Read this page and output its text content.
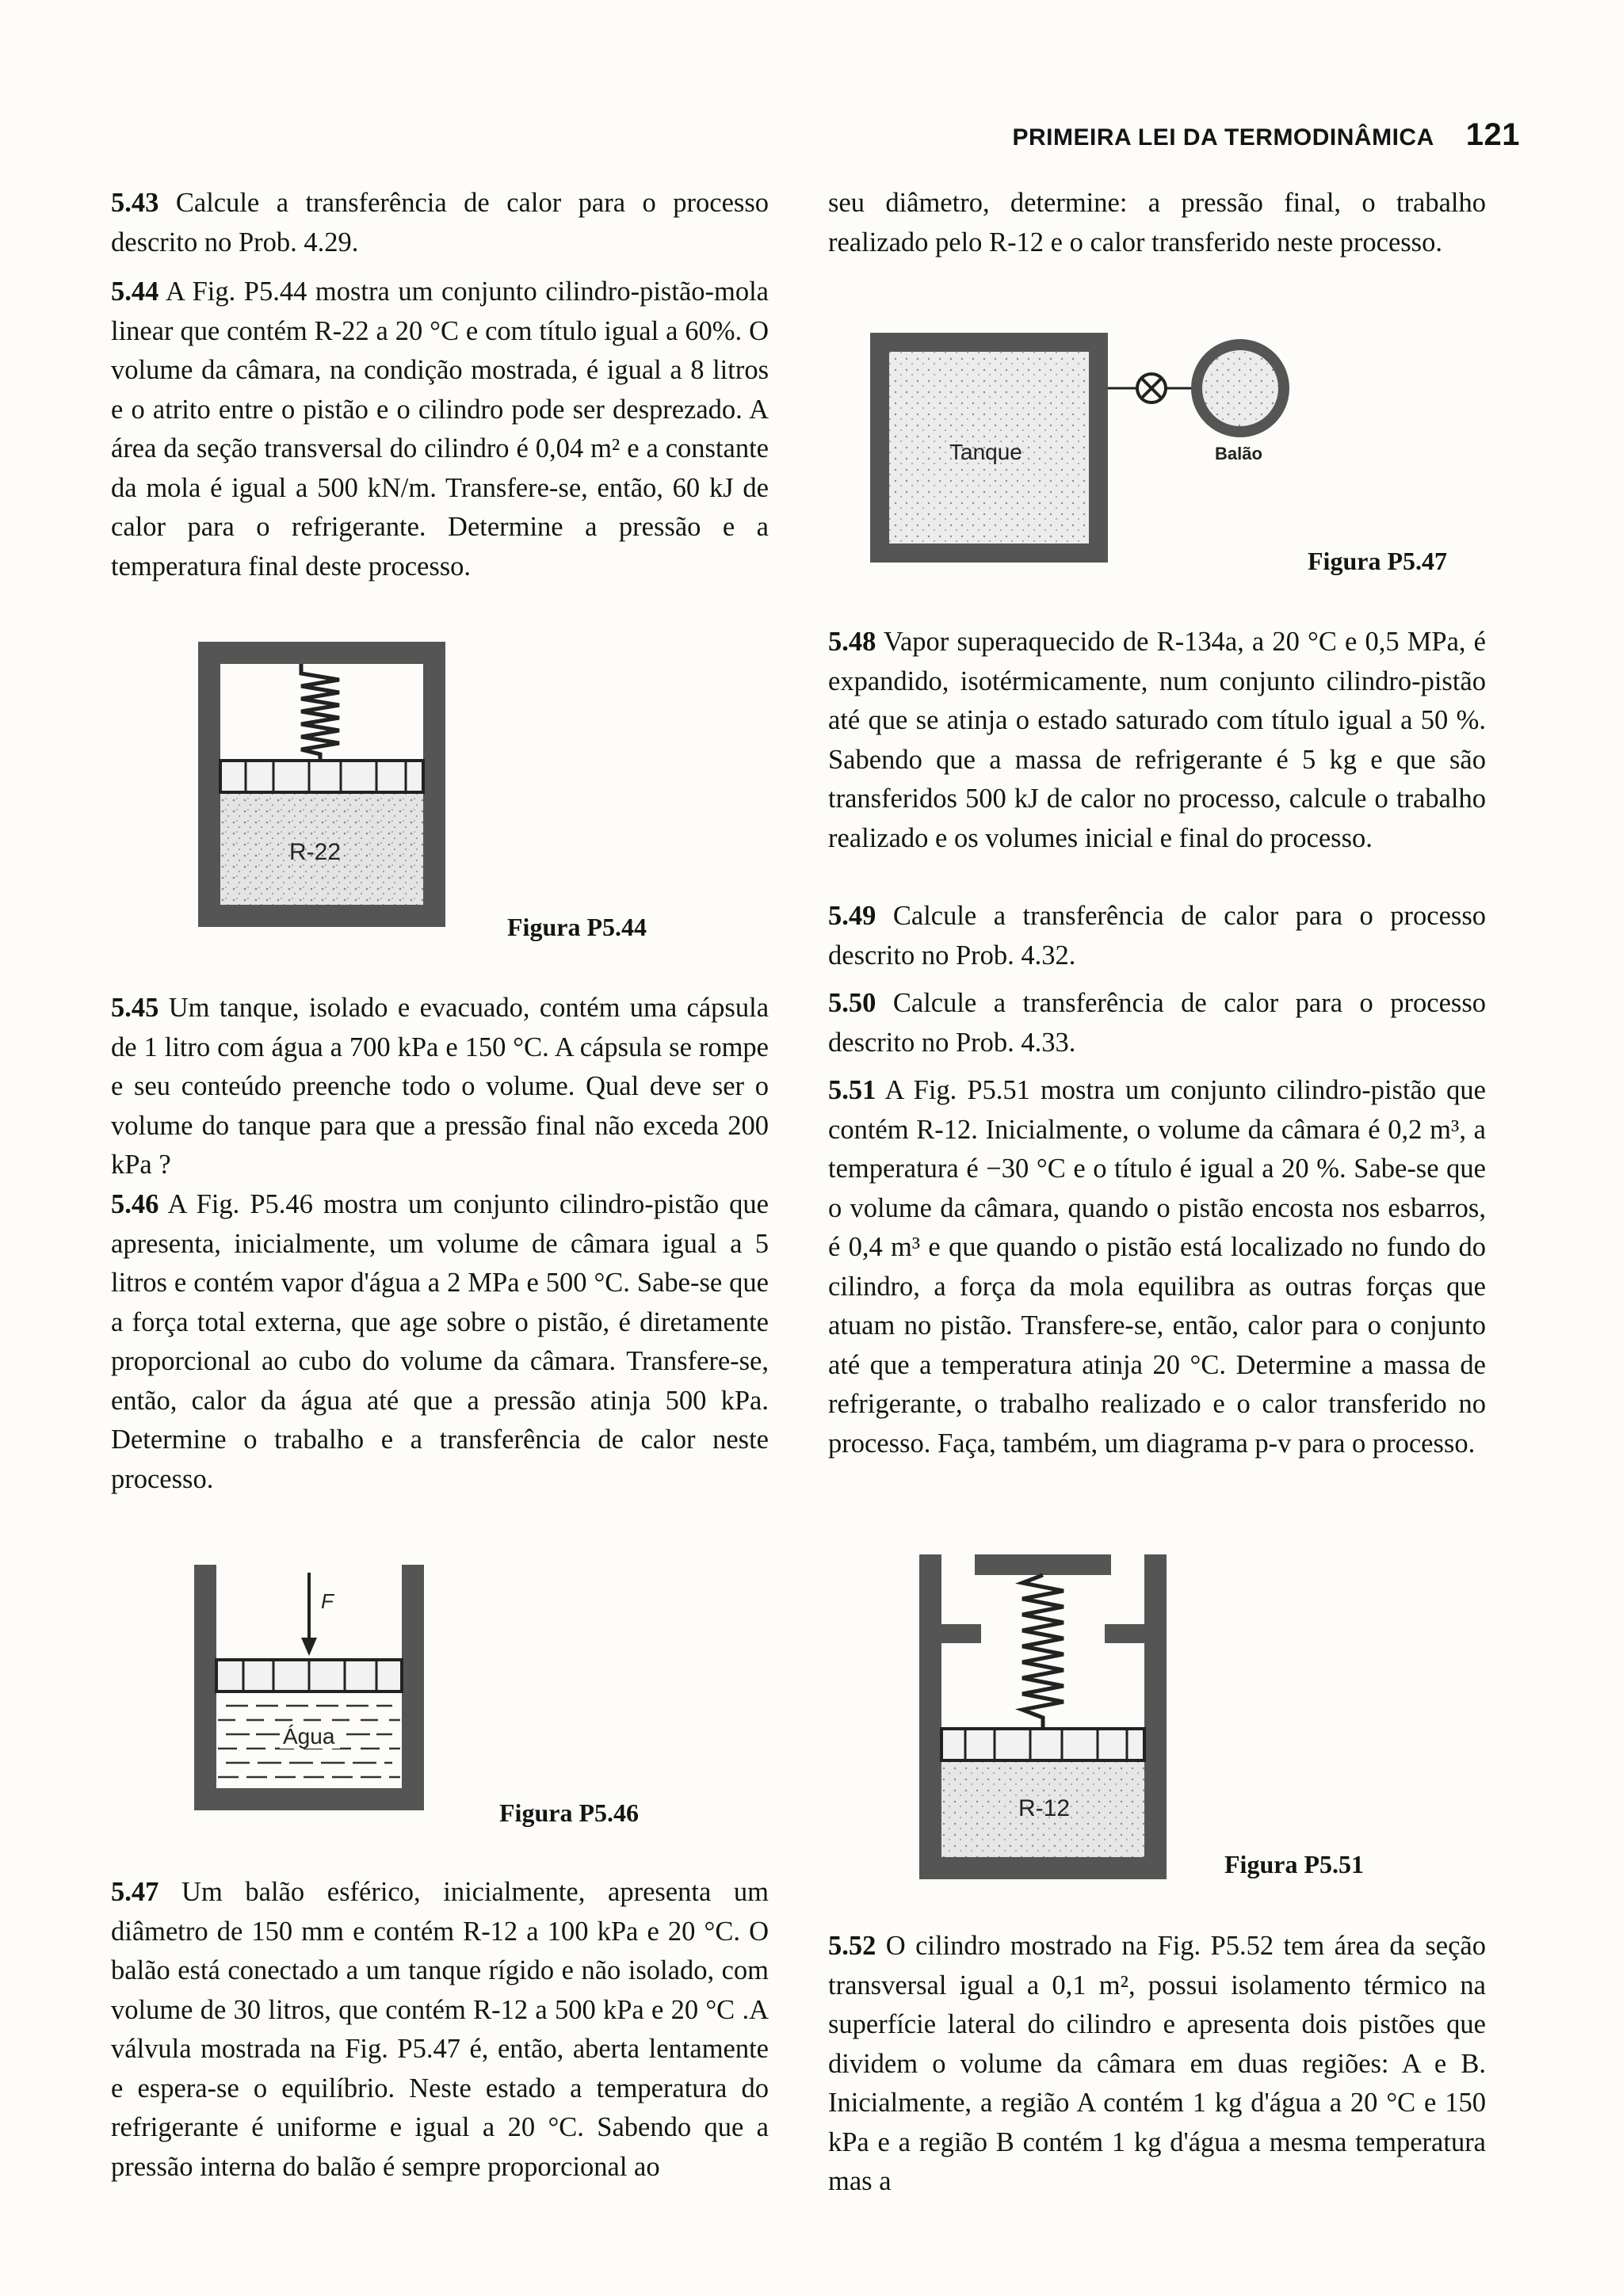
PRIMEIRA LEI DA TERMODINÂMICA 121

5.43 Calcule a transferência de calor para o processo descrito no Prob. 4.29.

5.44 A Fig. P5.44 mostra um conjunto cilindro-pistão-mola linear que contém R-22 a 20 °C e com título igual a 60%. O volume da câmara, na condição mostrada, é igual a 8 litros e o atrito entre o pistão e o cilindro pode ser desprezado. A área da seção transversal do cilindro é 0,04 m² e a constante da mola é igual a 500 kN/m. Transfere-se, então, 60 kJ de calor para o refrigerante. Determine a pressão e a temperatura final deste processo.

R-22
Figura P5.44

5.45 Um tanque, isolado e evacuado, contém uma cápsula de 1 litro com água a 700 kPa e 150 °C. A cápsula se rompe e seu conteúdo preenche todo o volume. Qual deve ser o volume do tanque para que a pressão final não exceda 200 kPa ?

5.46 A Fig. P5.46 mostra um conjunto cilindro-pistão que apresenta, inicialmente, um volume de câmara igual a 5 litros e contém vapor d'água a 2 MPa e 500 °C. Sabe-se que a força total externa, que age sobre o pistão, é diretamente proporcional ao cubo do volume da câmara. Transfere-se, então, calor da água até que a pressão atinja 500 kPa. Determine o trabalho e a transferência de calor neste processo.

F
Água
Figura P5.46

5.47 Um balão esférico, inicialmente, apresenta um diâmetro de 150 mm e contém R-12 a 100 kPa e 20 °C. O balão está conectado a um tanque rígido e não isolado, com volume de 30 litros, que contém R-12 a 500 kPa e 20 °C .A válvula mostrada na Fig. P5.47 é, então, aberta lentamente e espera-se o equilíbrio. Neste estado a temperatura do refrigerante é uniforme e igual a 20 °C. Sabendo que a pressão interna do balão é sempre proporcional ao

seu diâmetro, determine: a pressão final, o trabalho realizado pelo R-12 e o calor transferido neste processo.

Tanque	Balão
Figura P5.47

5.48 Vapor superaquecido de R-134a, a 20 °C e 0,5 MPa, é expandido, isotérmicamente, num conjunto cilindro-pistão até que se atinja o estado saturado com título igual a 50 %. Sabendo que a massa de refrigerante é 5 kg e que são transferidos 500 kJ de calor no processo, calcule o trabalho realizado e os volumes inicial e final do processo.

5.49 Calcule a transferência de calor para o processo descrito no Prob. 4.32.

5.50 Calcule a transferência de calor para o processo descrito no Prob. 4.33.

5.51 A Fig. P5.51 mostra um conjunto cilindro-pistão que contém R-12. Inicialmente, o volume da câmara é 0,2 m³, a temperatura é −30 °C e o título é igual a 20 %. Sabe-se que o volume da câmara, quando o pistão encosta nos esbarros, é 0,4 m³ e que quando o pistão está localizado no fundo do cilindro, a força da mola equilibra as outras forças que atuam no pistão. Transfere-se, então, calor para o conjunto até que a temperatura atinja 20 °C. Determine a massa de refrigerante, o trabalho realizado e o calor transferido no processo. Faça, também, um diagrama p-v para o processo.

R-12
Figura P5.51

5.52 O cilindro mostrado na Fig. P5.52 tem área da seção transversal igual a 0,1 m², possui isolamento térmico na superfície lateral do cilindro e apresenta dois pistões que dividem o volume da câmara em duas regiões: A e B. Inicialmente, a região A contém 1 kg d'água a 20 °C e 150 kPa e a região B contém 1 kg d'água a mesma temperatura mas a
